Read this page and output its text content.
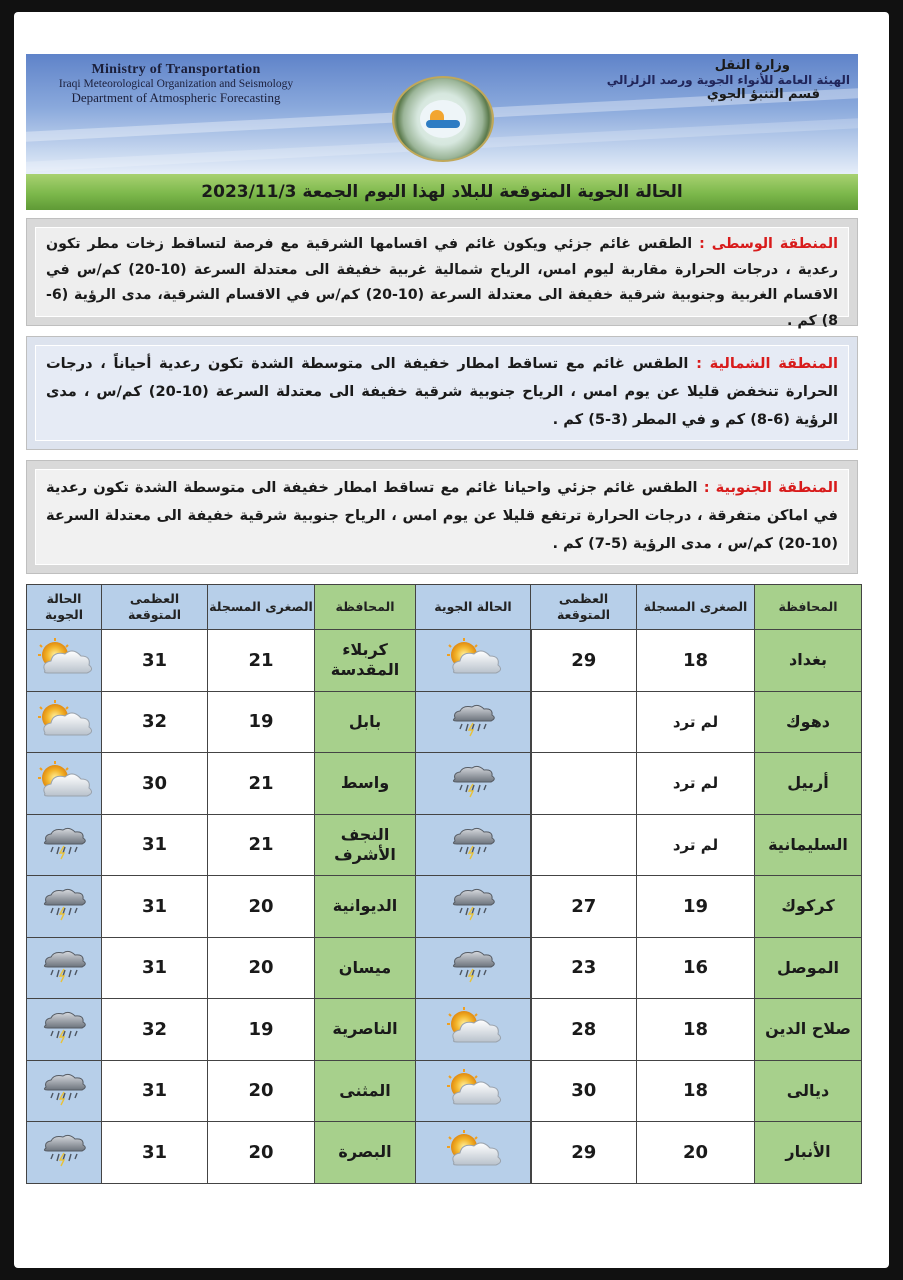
Ministry of Transportation
Iraqi Meteorological Organization and Seismology
Department of Atmospheric Forecasting
وزارة النقل
الهيئة العامة للأنواء الجوية ورصد الزلزالي
قسم التنبؤ الجوي
الحالة الجوية المتوقعة للبلاد لهذا اليوم الجمعة 2023/11/3
المنطقة الوسطى : الطقس غائم جزئي ويكون غائم في اقسامها الشرقية مع فرصة لتساقط زخات مطر تكون رعدية ، درجات الحرارة مقاربة ليوم امس، الرياح شمالية غربية خفيفة الى معتدلة السرعة (10-20) كم/س في الاقسام الغربية وجنوبية شرقية خفيفة الى معتدلة السرعة (10-20) كم/س في الاقسام الشرقية، مدى الرؤية (6-8) كم .
المنطقة الشمالية : الطقس غائم مع تساقط امطار خفيفة الى متوسطة الشدة تكون رعدية أحياناً ، درجات الحرارة تنخفض قليلا عن يوم امس ، الرياح جنوبية شرقية خفيفة الى معتدلة السرعة (10-20) كم/س ، مدى الرؤية (6-8) كم و في المطر (3-5) كم .
المنطقة الجنوبية : الطقس غائم جزئي واحيانا غائم مع تساقط امطار خفيفة الى متوسطة الشدة تكون رعدية في اماكن متفرقة ، درجات الحرارة ترتفع قليلا عن يوم امس ، الرياح جنوبية شرقية خفيفة الى معتدلة السرعة (10-20) كم/س ، مدى الرؤية (5-7) كم .
المحافظة	الصغرى المسجلة	العظمى المتوقعة	الحالة الجوية	المحافظة	الصغرى المسجلة	العظمى المتوقعة	الحالة الجوية
بغداد	18	29		كربلاء المقدسة	21	31	
دهوك	لم ترد			بابل	19	32	
أربيل	لم ترد			واسط	21	30	
السليمانية	لم ترد			النجف الأشرف	21	31	
كركوك	19	27		الديوانية	20	31	
الموصل	16	23		ميسان	20	31	
صلاح الدين	18	28		الناصرية	19	32	
ديالى	18	30		المثنى	20	31	
الأنبار	20	29		البصرة	20	31	
IQ NEWS
